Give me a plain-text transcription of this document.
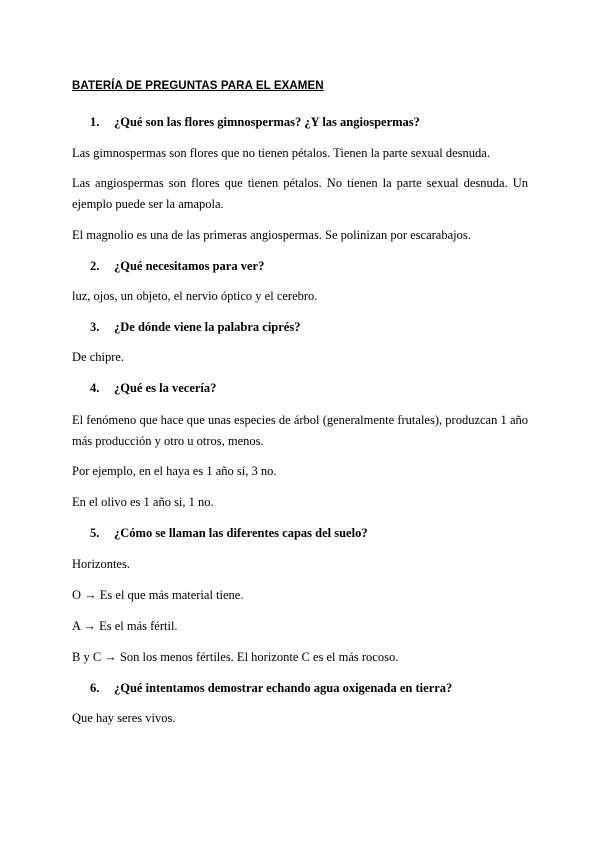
BATERÍA DE PREGUNTAS PARA EL EXAMEN
1. ¿Qué son las flores gimnospermas? ¿Y las angiospermas?
Las gimnospermas son flores que no tienen pétalos. Tienen la parte sexual desnuda.
Las angiospermas son flores que tienen pétalos. No tienen la parte sexual desnuda. Un ejemplo puede ser la amapola.
El magnolio es una de las primeras angiospermas. Se polinizan por escarabajos.
2. ¿Qué necesitamos para ver?
luz, ojos, un objeto, el nervio óptico y el cerebro.
3. ¿De dónde viene la palabra ciprés?
De chipre.
4. ¿Qué es la vecería?
El fenómeno que hace que unas especies de árbol (generalmente frutales), produzcan 1 año más producción y otro u otros, menos.
Por ejemplo, en el haya es 1 año sí, 3 no.
En el olivo es 1 año si, 1 no.
5. ¿Cómo se llaman las diferentes capas del suelo?
Horizontes.
O → Es el que más material tiene.
A → Es el más fértil.
B y C → Son los menos fértiles. El horizonte C es el más rocoso.
6. ¿Qué intentamos demostrar echando agua oxigenada en tierra?
Que hay seres vivos.
